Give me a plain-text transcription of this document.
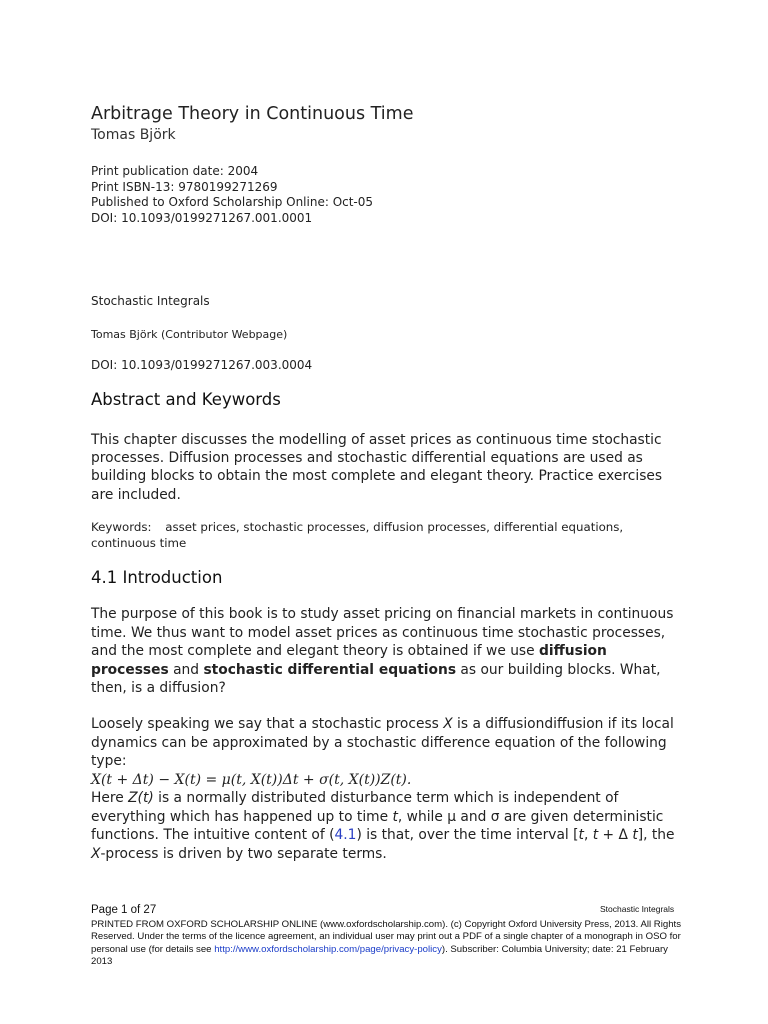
Arbitrage Theory in Continuous Time
Tomas Björk
Print publication date: 2004
Print ISBN-13: 9780199271269
Published to Oxford Scholarship Online: Oct-05
DOI: 10.1093/0199271267.001.0001
Stochastic Integrals
Tomas Björk (Contributor Webpage)
DOI: 10.1093/0199271267.003.0004
Abstract and Keywords
This chapter discusses the modelling of asset prices as continuous time stochastic processes. Diffusion processes and stochastic differential equations are used as building blocks to obtain the most complete and elegant theory. Practice exercises are included.
Keywords: asset prices, stochastic processes, diffusion processes, differential equations, continuous time
4.1 Introduction
The purpose of this book is to study asset pricing on financial markets in continuous time. We thus want to model asset prices as continuous time stochastic processes, and the most complete and elegant theory is obtained if we use diffusion processes and stochastic differential equations as our building blocks. What, then, is a diffusion?
Loosely speaking we say that a stochastic process X is a diffusiondiffusion if its local dynamics can be approximated by a stochastic difference equation of the following type:
X(t + Δt) − X(t) = μ(t, X(t))Δt + σ(t, X(t))Z(t).
Here Z(t) is a normally distributed disturbance term which is independent of everything which has happened up to time t, while μ and σ are given deterministic functions. The intuitive content of (4.1) is that, over the time interval [t, t + Δ t], the X-process is driven by two separate terms.
Page 1 of 27	Stochastic Integrals
PRINTED FROM OXFORD SCHOLARSHIP ONLINE (www.oxfordscholarship.com). (c) Copyright Oxford University Press, 2013. All Rights Reserved. Under the terms of the licence agreement, an individual user may print out a PDF of a single chapter of a monograph in OSO for personal use (for details see http://www.oxfordscholarship.com/page/privacy-policy). Subscriber: Columbia University; date: 21 February 2013
